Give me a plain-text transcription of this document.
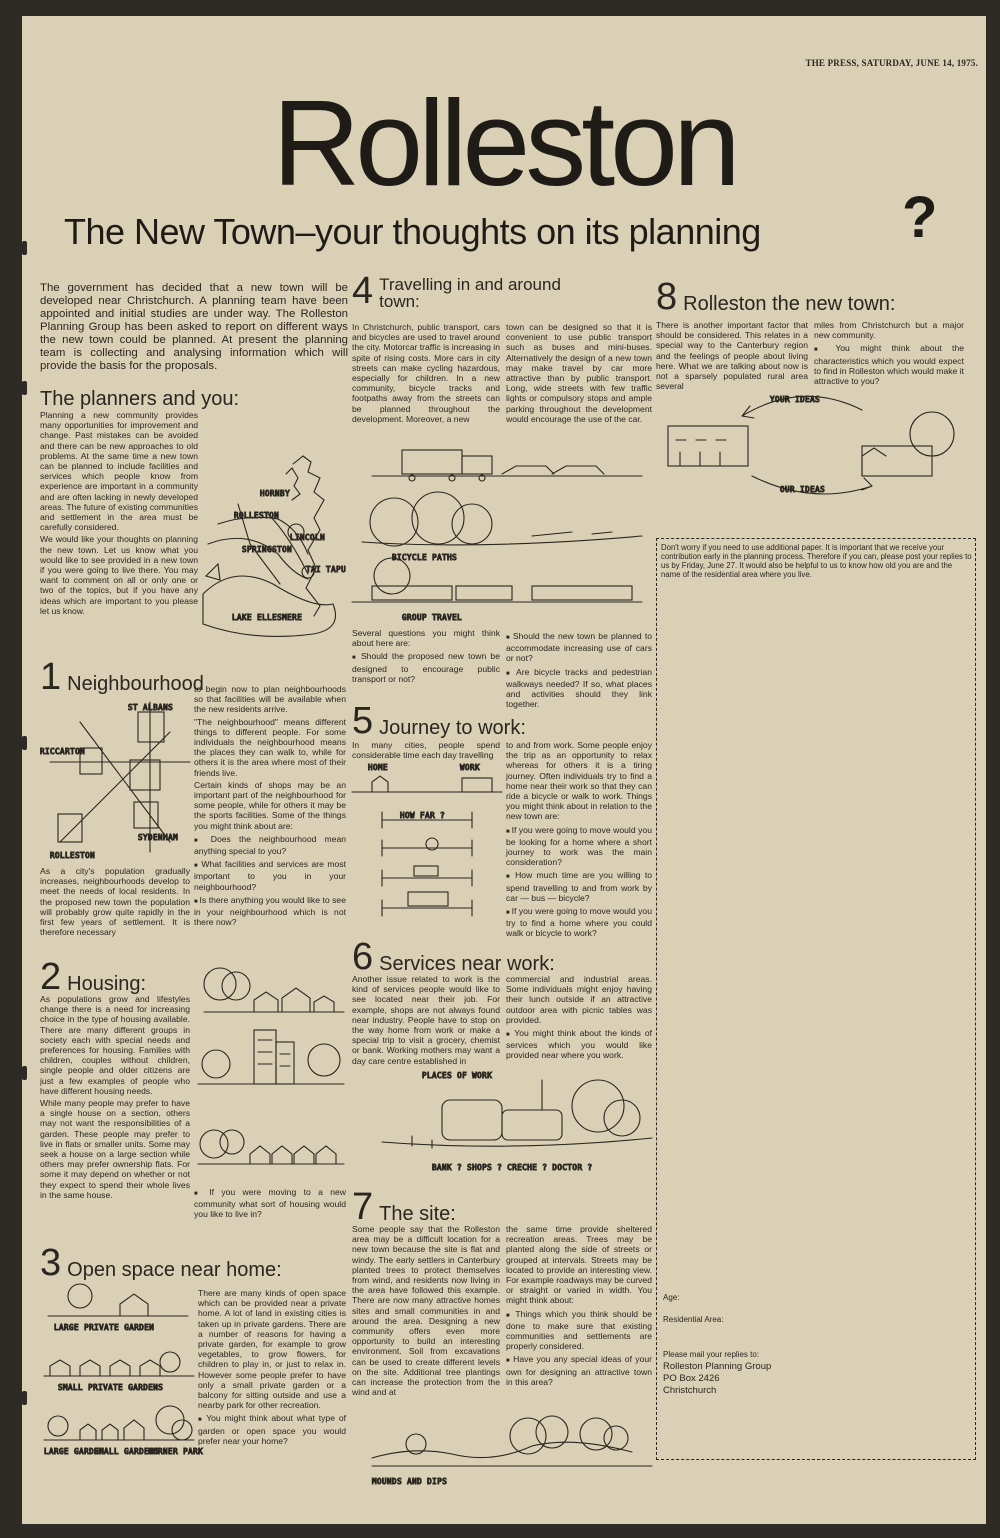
THE PRESS, SATURDAY, JUNE 14, 1975.
Rolleston
The New Town–your thoughts on its planning ?
The government has decided that a new town will be developed near Christchurch. A planning team have been appointed and initial studies are under way. The Rolleston Planning Group has been asked to report on different ways the new town could be planned. At present the planning team is collecting and analysing information which will provide the basis for the proposals.
The planners and you:

Planning a new community provides many opportunities for improvement and change. Past mistakes can be avoided and there can be new approaches to old problems. At the same time a new town can be planned to include facilities and services which people know from experience are important in a community and are often lacking in newly developed areas. The future of existing communities and settlement in the area must be carefully considered.

We would like your thoughts on planning the new town. Let us know what you would like to see provided in a new town if you were going to live there. You may want to comment on all or only one or two of the topics, but if you have any ideas which are important to you please let us know.

HORNBY
ROLLESTON
LINCOLN
SPRINGSTON
TAI TAPU
LAKE ELLESMERE
1 Neighbourhood
ST ALBANS
RICCARTON
SYDENHAM
ROLLESTON
As a city's population gradually increases, neighbourhoods develop to meet the needs of local residents. In the proposed new town the population will probably grow quite rapidly in the first few years of settlement. It is therefore necessary

to begin now to plan neighbourhoods so that facilities will be available when the new residents arrive.

"The neighbourhood" means different things to different people. For some individuals the neighbourhood means the places they can walk to, while for others it is the area where most of their friends live.

Certain kinds of shops may be an important part of the neighbourhood for some people, while for others it may be the sports facilities. Some of the things you might think about are:

■ Does the neighbourhood mean anything special to you?
■ What facilities and services are most important to you in your neighbourhood?
■ Is there anything you would like to see in your neighbourhood which is not there now?
2 Housing:

As populations grow and lifestyles change there is a need for increasing choice in the type of housing available. There are many different groups in society each with special needs and preferences for housing. Families with children, couples without children, single people and older citizens are just a few examples of people who have different housing needs.

While many people may prefer to have a single house on a section, others may not want the responsibilities of a garden. These people may prefer to live in flats or smaller units. Some may seek a house on a large section while others may prefer ownership flats. For some it may depend on whether or not they expect to spend their whole lives in the same house.

■	If you were moving to a new community what sort of housing would you like to live in?
3 Open space near home:
LARGE PRIVATE GARDEN
SMALL PRIVATE GARDENS
LARGE GARDEN
SMALL GARDENS
CORNER PARK

There are many kinds of open space which can be provided near a private home. A lot of land in existing cities is taken up in private gardens. There are a number of reasons for having a private garden, for example to grow vegetables, to grow flowers, for children to play in, or just to relax in. However some people prefer to have only a small private garden or a balcony for sitting outside and use a nearby park for other recreation.

■ You might think about what type of garden or open space you would prefer near your home?
4 Travelling in and around town:
In Christchurch, public transport, cars and bicycles are used to travel around the city. Motorcar traffic is increasing in spite of rising costs. More cars in city streets can make cycling hazardous, especially for children. In a new community, bicycle tracks and footpaths away from the streets can be planned throughout the development. Moreover, a new
town can be designed so that it is convenient to use public transport such as buses and mini-buses. Alternatively the design of a new town may make travel by car more attractive than by public transport. Long, wide streets with few traffic lights or compulsory stops and ample parking throughout the development would encourage the use of the car.
BICYCLE PATHS
GROUP TRAVEL

Several questions you might think about here are:

■ Should the proposed new town be designed to encourage public transport or not?
■ Should the new town be planned to accommodate increasing use of cars or not?
■ Are bicycle tracks and pedestrian walkways needed? If so, what places and activities should they link together.
5 Journey to work:
In many cities, people spend considerable time each day travelling
HOME	WORK
HOW FAR ?

to and from work. Some people enjoy the trip as an opportunity to relax whereas for others it is a tiring journey. Often individuals try to find a home near their work so that they can ride a bicycle or walk to work. Things you might think about in relation to the new town are:

■ If you were going to move would you be looking for a home where a short journey to work was the main consideration?
■ How much time are you willing to spend travelling to and from work by car — bus — bicycle?
■ If you were going to move would you try to find a home where you could walk or bicycle to work?
6 Services near work:
Another issue related to work is the kind of services people would like to see located near their job. For example, shops are not always found near industry. People have to stop on the way home from work or make a special trip to visit a grocery, chemist or bank. Working mothers may want a day care centre established in

commercial and industrial areas. Some individuals might enjoy having their lunch outside if an attractive outdoor area with picnic tables was provided.

■ You might think about the kinds of services which you would like provided near where you work.
PLACES OF WORK
BANK ? SHOPS ? CRECHE ? DOCTOR ?
7 The site:
Some people say that the Rolleston area may be a difficult location for a new town because the site is flat and windy. The early settlers in Canterbury planted trees to protect themselves from wind, and residents now living in the area have followed this example. There are now many attractive homes sites and small communities in and around the area. Designing a new community offers even more opportunity to build an interesting environment. Soil from excavations can be used to create different levels on the site. Additional tree plantings can increase the protection from the wind and at

the same time provide sheltered recreation areas. Trees may be planted along the side of streets or grouped at intervals. Streets may be located to provide an interesting view. For example roadways may be curved or straight or varied in width. You might think about:

■ Things which you think should be done to make sure that existing communities and settlements are properly considered.
■ Have you any special ideas of your own for designing an attractive town in this area?
MOUNDS AND DIPS
8 Rolleston the new town:
There is another important factor that should be considered. This relates in a special way to the Canterbury region and the feelings of people about living here. What we are talking about now is not a sparsely populated rural area several

miles from Christchurch but a major new community.

■ You might think about the characteristics which you would expect to find in Rolleston which would make it attractive to you?
YOUR IDEAS
OUR IDEAS
Don't worry if you need to use additional paper. It is important that we receive your contribution early in the planning process. Therefore if you can, please post your replies to us by Friday, June 27. It would also be helpful to us to know how old you are and the name of the residential area where you live.
Age:
Residential Area:
Please mail your replies to:
Rolleston Planning Group
PO Box 2426
Christchurch
